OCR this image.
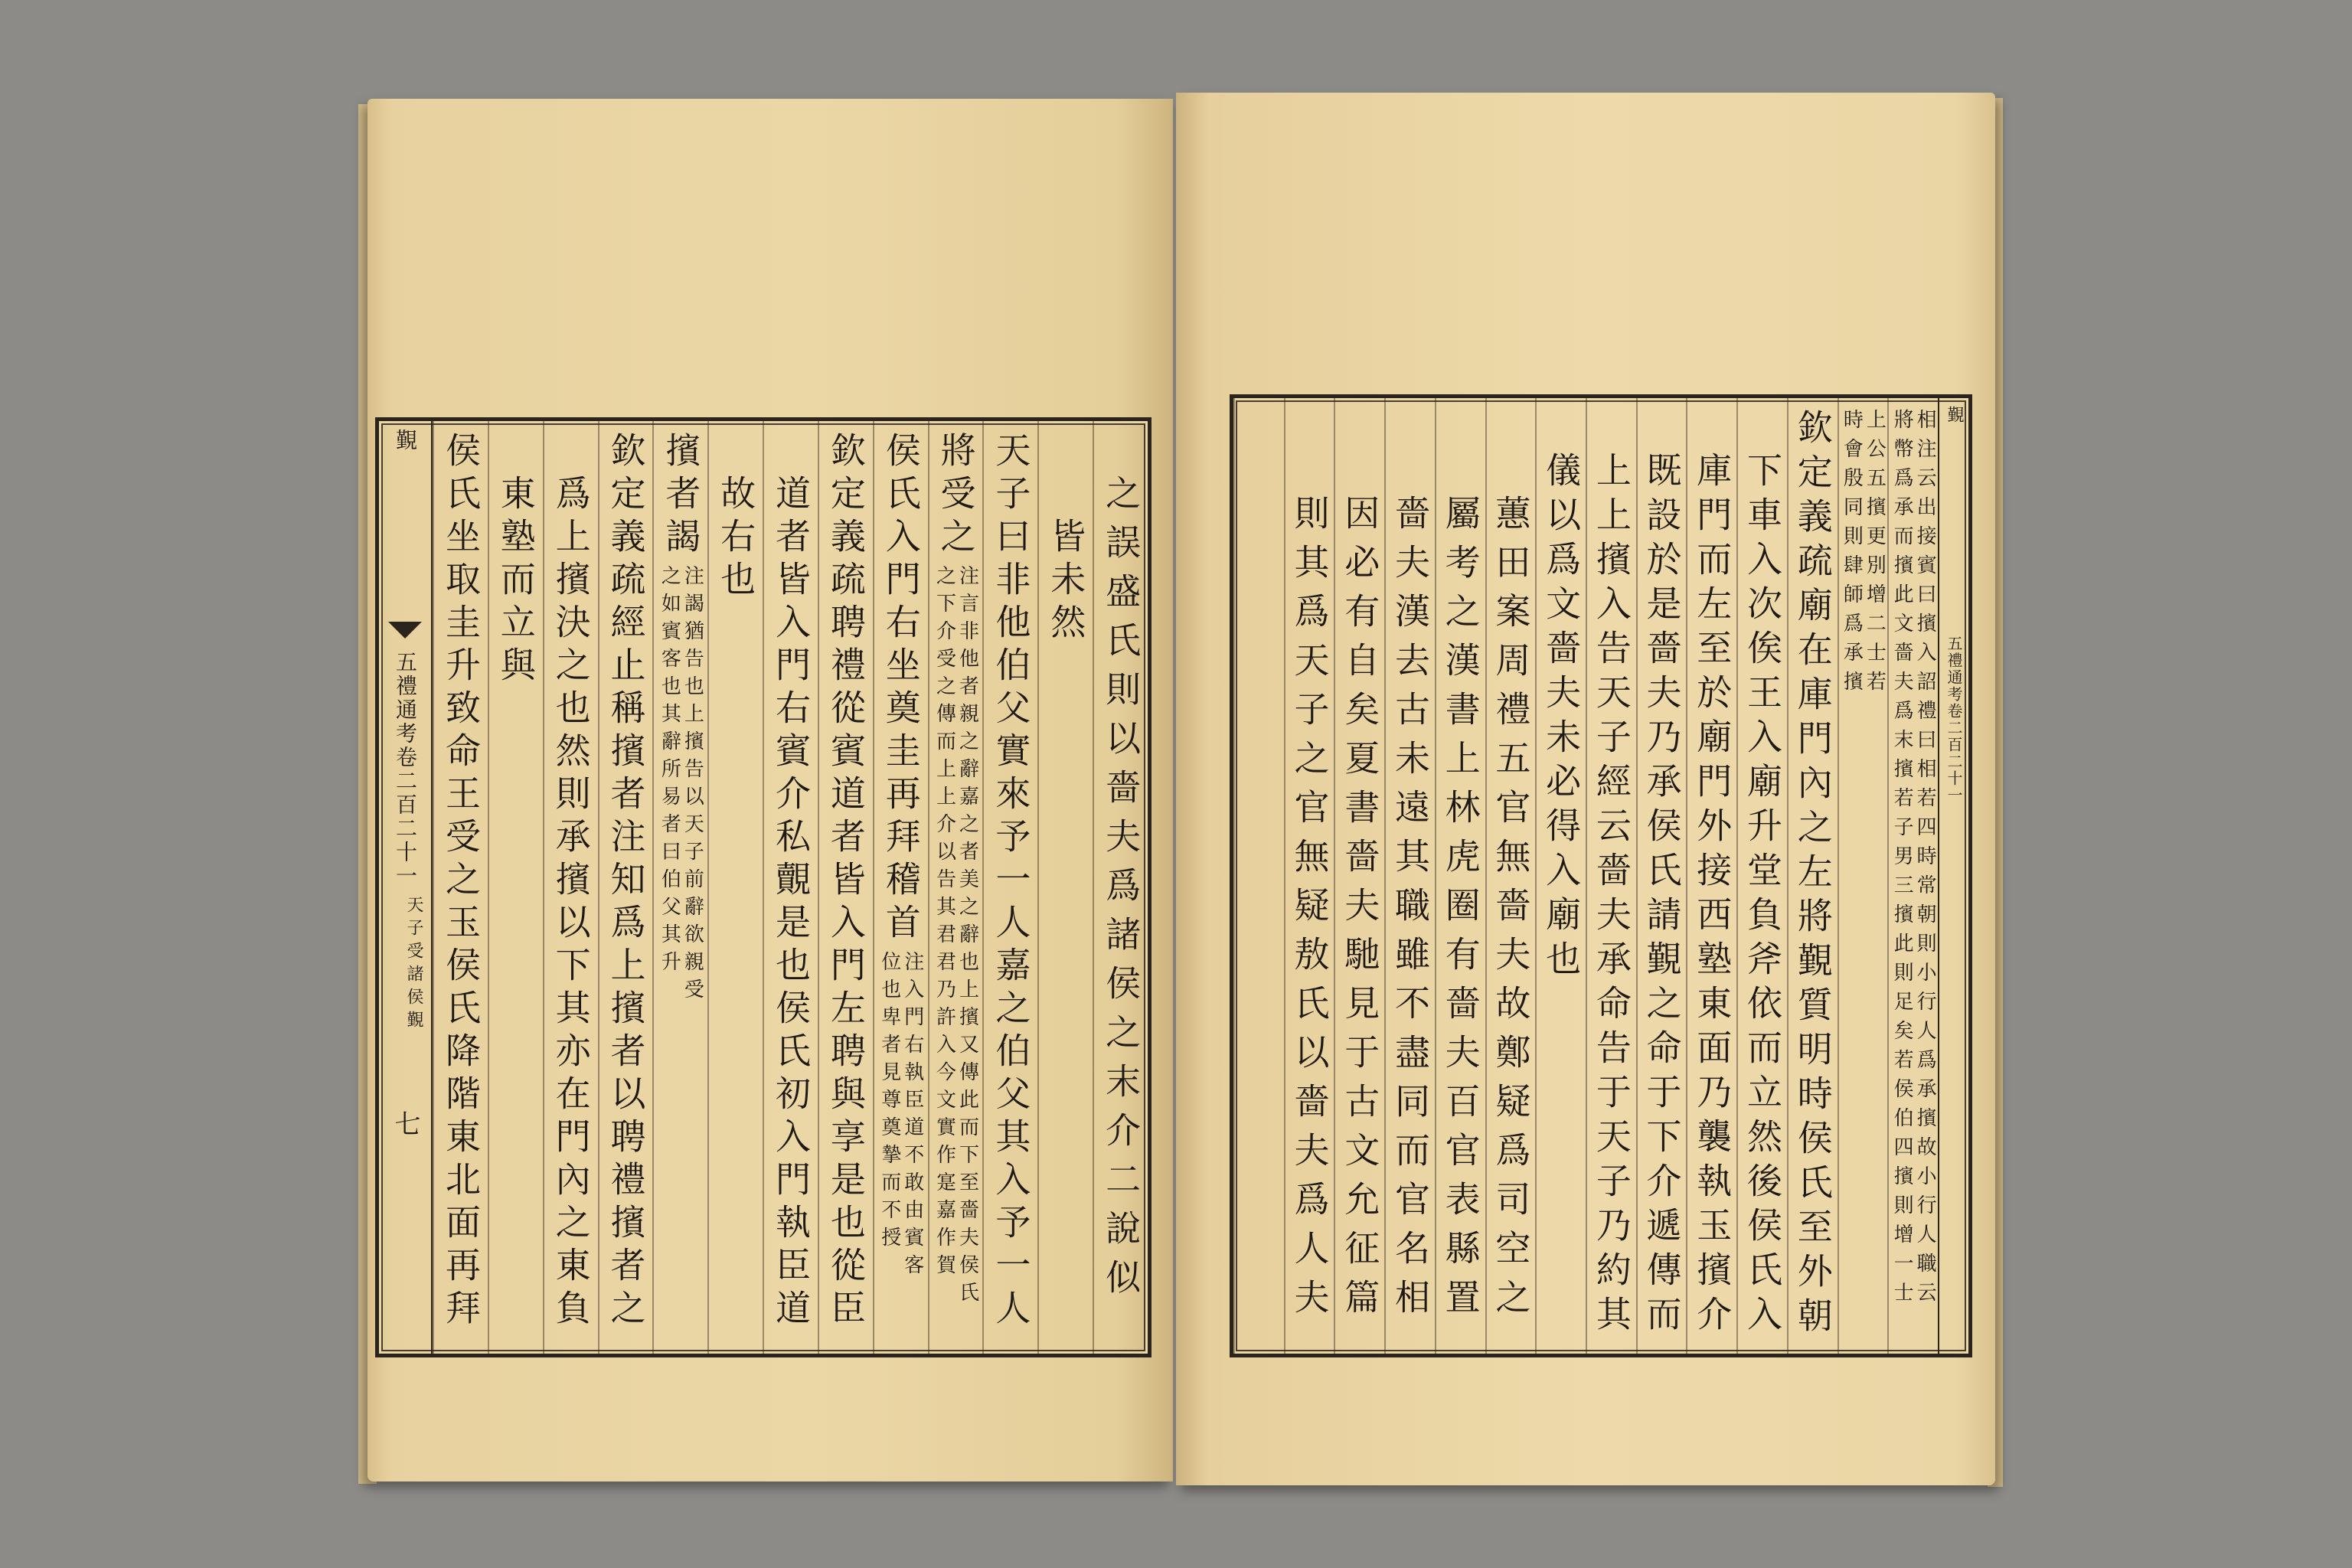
之誤盛氏則以嗇夫爲諸侯之末介二說似
皆未然
天子曰非他伯父實來予一人嘉之伯父其入予一人
將受之
注言非他者親之辭嘉之者美之辭也上擯又傳此而下至嗇夫侯氏
之下介受之傳而上上介以告其君君乃許入今文實作寔嘉作賀
侯氏入門右坐奠圭再拜稽首
注入門右執臣道不敢由賓客
位也卑者見尊奠摯而不授
欽定義疏聘禮從賓道者皆入門左聘與享是也從臣
道者皆入門右賓介私覿是也侯氏初入門執臣道
故右也
擯者謁
注謁猶告也上擯告以天子前辭欲親受
之如賓客也其辭所易者曰伯父其升
欽定義疏經止稱擯者注知爲上擯者以聘禮擯者之
爲上擯決之也然則承擯以下其亦在門內之東負
東塾而立與
侯氏坐取圭升致命王受之玉侯氏降階東北面再拜
覲
五禮通考卷二百二十一
天子受諸侯覲
七
覲
五禮通考卷二百二十一
相注云出接賓曰擯入詔禮曰相若四時常朝則小行人爲承擯故小行人職云
將幣爲承而擯此文嗇夫爲末擯若子男三擯此則足矣若侯伯四擯則增一士
上公五擯更別增二士若
時會殷同則肆師爲承擯
欽定義疏廟在庫門內之左將覲質明時侯氏至外朝
下車入次俟王入廟升堂負斧依而立然後侯氏入
庫門而左至於廟門外接西塾東面乃襲執玉擯介
既設於是嗇夫乃承侯氏請覲之命于下介遞傳而
上上擯入告天子經云嗇夫承命告于天子乃約其
儀以爲文嗇夫未必得入廟也
蕙田案周禮五官無嗇夫故鄭疑爲司空之
屬考之漢書上林虎圈有嗇夫百官表縣置
嗇夫漢去古未遠其職雖不盡同而官名相
因必有自矣夏書嗇夫馳見于古文允征篇
則其爲天子之官無疑敖氏以嗇夫爲人夫
